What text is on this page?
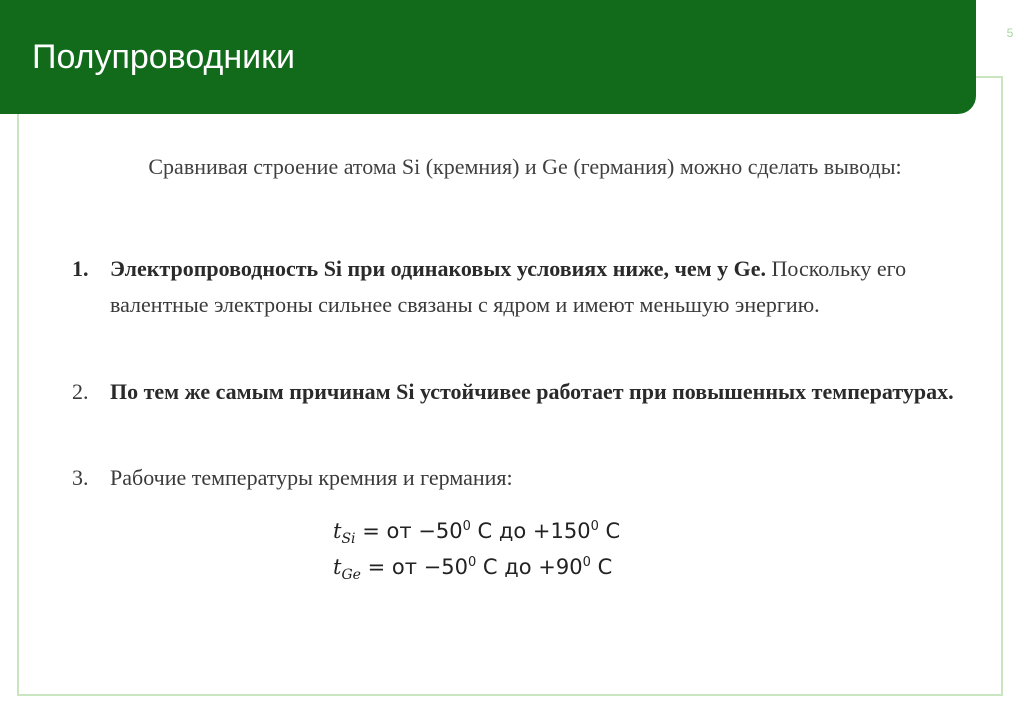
Полупроводники
5
Сравнивая строение атома Si (кремния) и Ge (германия) можно сделать выводы:
1. Электропроводность Si при одинаковых условиях ниже, чем у Ge. Поскольку его валентные электроны сильнее связаны с ядром и имеют меньшую энергию.
2. По тем же самым причинам Si устойчивее работает при повышенных температурах.
3. Рабочие температуры кремния и германия:
$t_{Si}$ = от $-50^0$ C до $+150^0$ C
$t_{Ge}$ = от $-50^0$ C до $+90^0$ C
